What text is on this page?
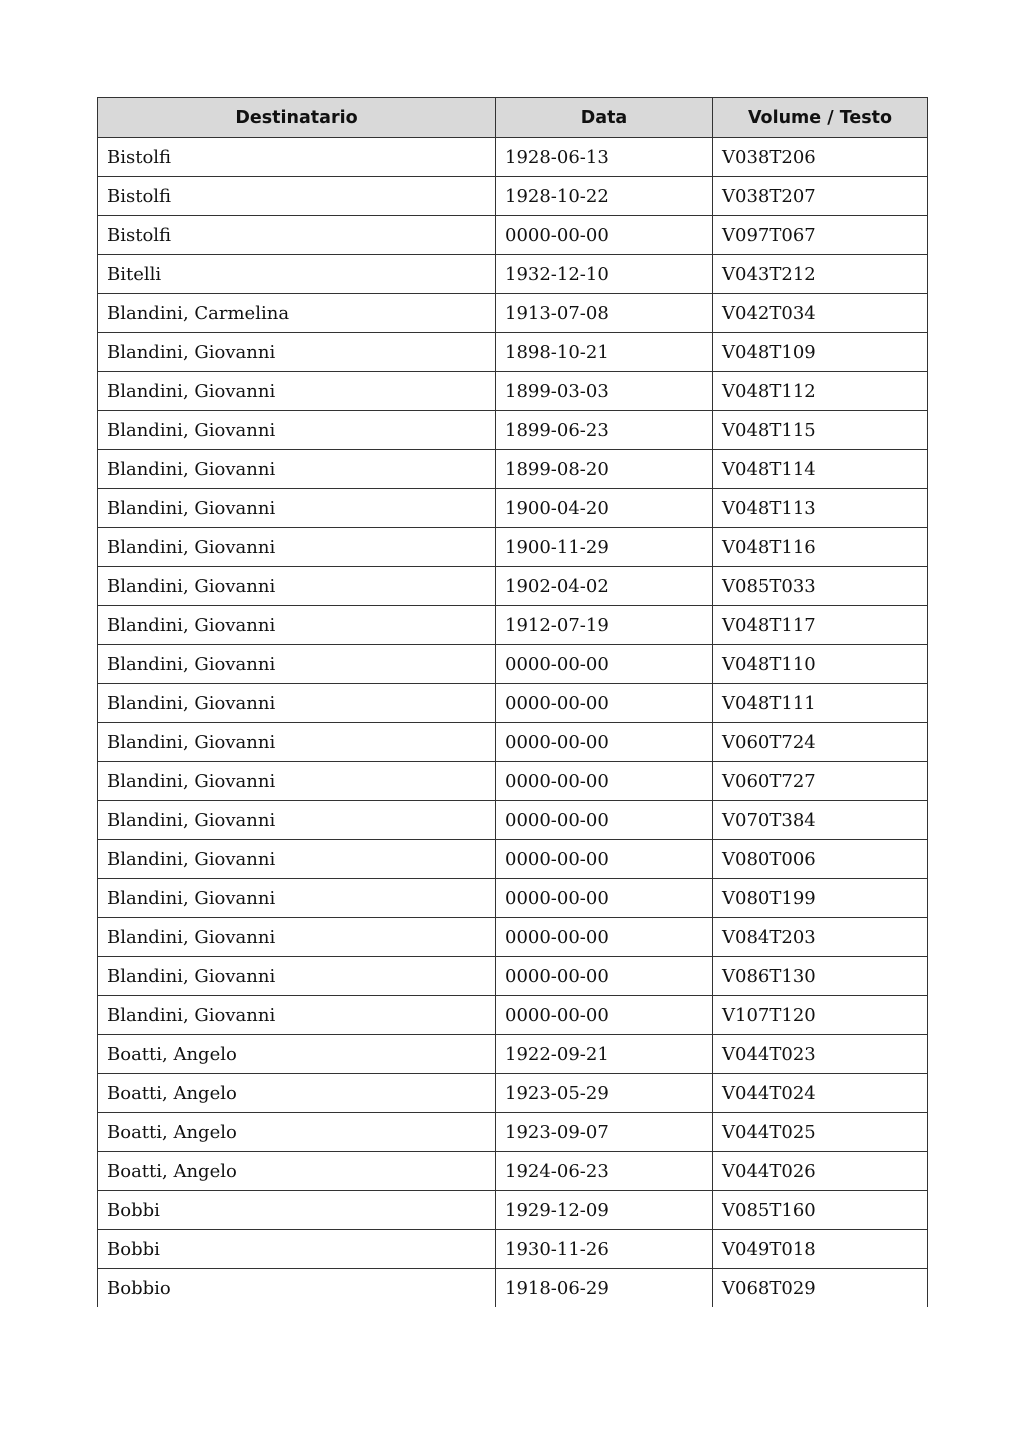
Destinatario	Data	Volume / Testo
Bistolfi	1928-06-13	V038T206
Bistolfi	1928-10-22	V038T207
Bistolfi	0000-00-00	V097T067
Bitelli	1932-12-10	V043T212
Blandini, Carmelina	1913-07-08	V042T034
Blandini, Giovanni	1898-10-21	V048T109
Blandini, Giovanni	1899-03-03	V048T112
Blandini, Giovanni	1899-06-23	V048T115
Blandini, Giovanni	1899-08-20	V048T114
Blandini, Giovanni	1900-04-20	V048T113
Blandini, Giovanni	1900-11-29	V048T116
Blandini, Giovanni	1902-04-02	V085T033
Blandini, Giovanni	1912-07-19	V048T117
Blandini, Giovanni	0000-00-00	V048T110
Blandini, Giovanni	0000-00-00	V048T111
Blandini, Giovanni	0000-00-00	V060T724
Blandini, Giovanni	0000-00-00	V060T727
Blandini, Giovanni	0000-00-00	V070T384
Blandini, Giovanni	0000-00-00	V080T006
Blandini, Giovanni	0000-00-00	V080T199
Blandini, Giovanni	0000-00-00	V084T203
Blandini, Giovanni	0000-00-00	V086T130
Blandini, Giovanni	0000-00-00	V107T120
Boatti, Angelo	1922-09-21	V044T023
Boatti, Angelo	1923-05-29	V044T024
Boatti, Angelo	1923-09-07	V044T025
Boatti, Angelo	1924-06-23	V044T026
Bobbi	1929-12-09	V085T160
Bobbi	1930-11-26	V049T018
Bobbio	1918-06-29	V068T029
